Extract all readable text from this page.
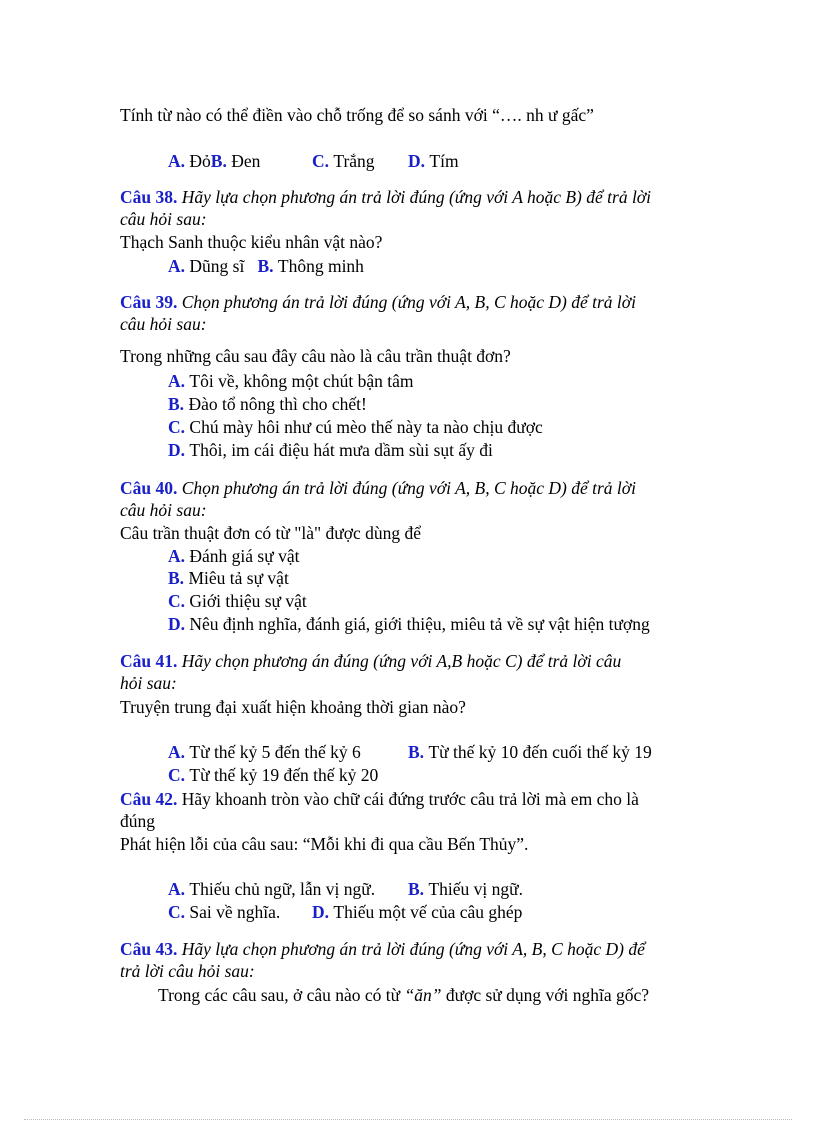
Tính từ nào có thể điền vào chỗ trống để so sánh với “…. nh ư gấc”
A. ĐỏB. Đen	C. Trắng D. Tím
Câu 38. Hãy lựa chọn phương án trả lời đúng (ứng với A hoặc B) để trả lời
câu hỏi sau:
Thạch Sanh thuộc kiểu nhân vật nào?
A. Dũng sĩ B. Thông minh
Câu 39. Chọn phương án trả lời đúng (ứng với A, B, C hoặc D) để trả lời
câu hỏi sau:
Trong những câu sau đây câu nào là câu trần thuật đơn?
A. Tôi về, không một chút bận tâm
B. Đào tổ nông thì cho chết!
C. Chú mày hôi như cú mèo thế này ta nào chịu được
D. Thôi, im cái điệu hát mưa dầm sùi sụt ấy đi
Câu 40. Chọn phương án trả lời đúng (ứng với A, B, C hoặc D) để trả lời
câu hỏi sau:
Câu trần thuật đơn có từ "là" được dùng để
A. Đánh giá sự vật
B. Miêu tả sự vật
C. Giới thiệu sự vật
D. Nêu định nghĩa, đánh giá, giới thiệu, miêu tả về sự vật hiện tượng
Câu 41. Hãy chọn phương án đúng (ứng với A,B hoặc C) để trả lời câu
hỏi sau:
Truyện trung đại xuất hiện khoảng thời gian nào?
A. Từ thế kỷ 5 đến thế kỷ 6	B. Từ thế kỷ 10 đến cuối thế kỷ 19
C. Từ thế kỷ 19 đến thế kỷ 20
Câu 42. Hãy khoanh tròn vào chữ cái đứng trước câu trả lời mà em cho là
đúng
Phát hiện lỗi của câu sau: “Mỗi khi đi qua cầu Bến Thủy”.
A. Thiếu chủ ngữ, lẫn vị ngữ. B. Thiếu vị ngữ.
C. Sai về nghĩa. D. Thiếu một vế của câu ghép
Câu 43. Hãy lựa chọn phương án trả lời đúng (ứng với A, B, C hoặc D) để
trả lời câu hỏi sau:
Trong các câu sau, ở câu nào có từ “ăn” được sử dụng với nghĩa gốc?
